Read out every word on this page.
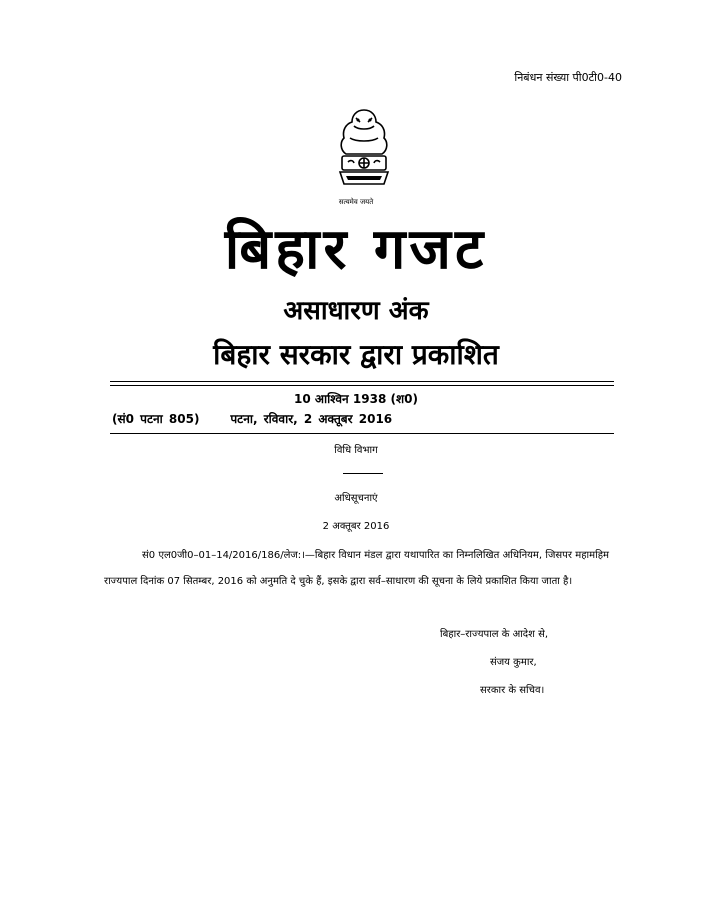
निबंधन संख्या पी0टी0-40
सत्यमेव जयते
बिहार गजट
असाधारण अंक
बिहार सरकार द्वारा प्रकाशित
10 आश्विन 1938 (श0)
(सं0 पटना 805)	पटना, रविवार, 2 अक्तूबर 2016
विधि विभाग
अधिसूचनाएं
2 अक्तूबर 2016

सं0 एल0जी0–01–14/2016/186/लेज:।—बिहार विधान मंडल द्वारा यथापारित का निम्नलिखित अधिनियम, जिसपर महामहिम राज्यपाल दिनांक 07 सितम्बर, 2016 को अनुमति दे चुके हैं, इसके द्वारा सर्व–साधारण की सूचना के लिये प्रकाशित किया जाता है।

बिहार–राज्यपाल के आदेश से,
संजय कुमार,
सरकार के सचिव।
